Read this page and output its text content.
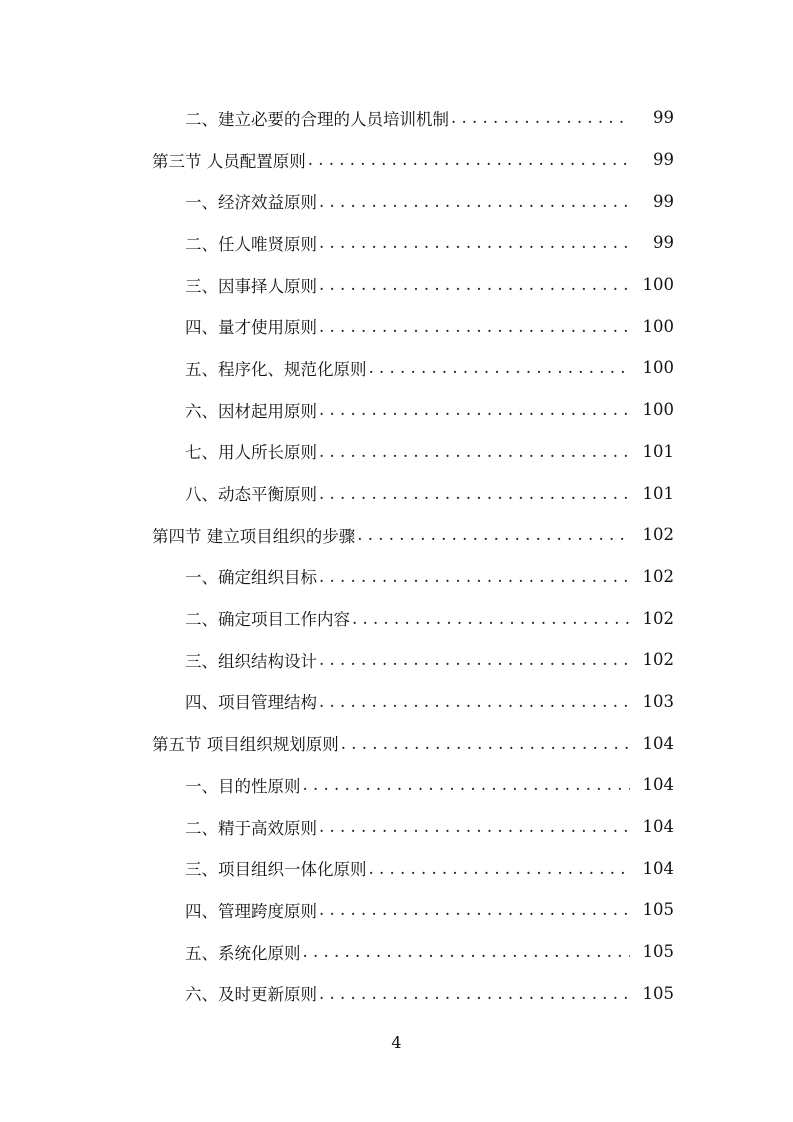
二、建立必要的合理的人员培训机制 . . .	99
第三节 人员配置原则 . . .	99
一、经济效益原则 . . .	99
二、任人唯贤原则 . . .	99
三、因事择人原则 . . .	100
四、量才使用原则 . . .	100
五、程序化、规范化原则 . . .	100
六、因材起用原则 . . .	100
七、用人所长原则 . . .	101
八、动态平衡原则 . . .	101
第四节 建立项目组织的步骤 . . .	102
一、确定组织目标 . . .	102
二、确定项目工作内容 . . .	102
三、组织结构设计 . . .	102
四、项目管理结构 . . .	103
第五节 项目组织规划原则 . . .	104
一、目的性原则 . . .	104
二、精于高效原则 . . .	104
三、项目组织一体化原则 . . .	104
四、管理跨度原则 . . .	105
五、系统化原则 . . .	105
六、及时更新原则 . . .	105
4
